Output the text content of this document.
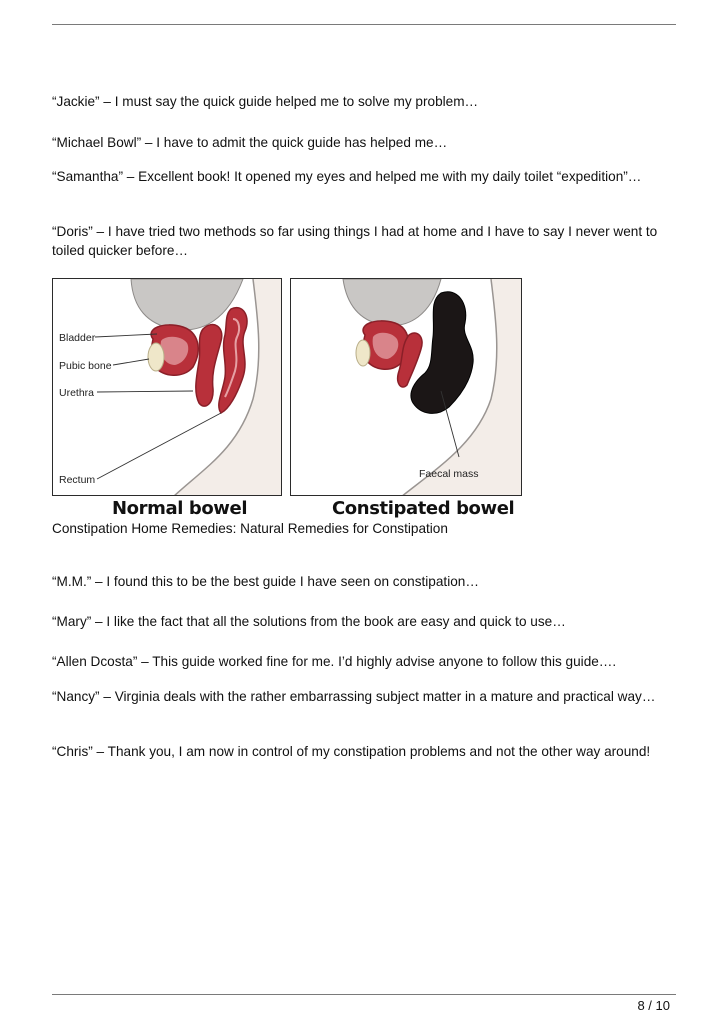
“Jackie” – I must say the quick guide helped me to solve my problem…

“Michael Bowl” – I have to admit the quick guide has helped me…

“Samantha” – Excellent book! It opened my eyes and helped me with my daily toilet “expedition”…

“Doris” – I have tried two methods so far using things I had at home and I have to say I never went to toiled quicker before…

Bladder
Pubic bone
Urethra
Rectum	Faecal mass
Normal bowel	Constipated bowel

Constipation Home Remedies: Natural Remedies for Constipation

“M.M.” – I found this to be the best guide I have seen on constipation…

“Mary” – I like the fact that all the solutions from the book are easy and quick to use…

“Allen Dcosta” – This guide worked fine for me. I’d highly advise anyone to follow this guide….

“Nancy” – Virginia deals with the rather embarrassing subject matter in a mature and practical way…

“Chris” – Thank you, I am now in control of my constipation problems and not the other way around!

8 / 10
